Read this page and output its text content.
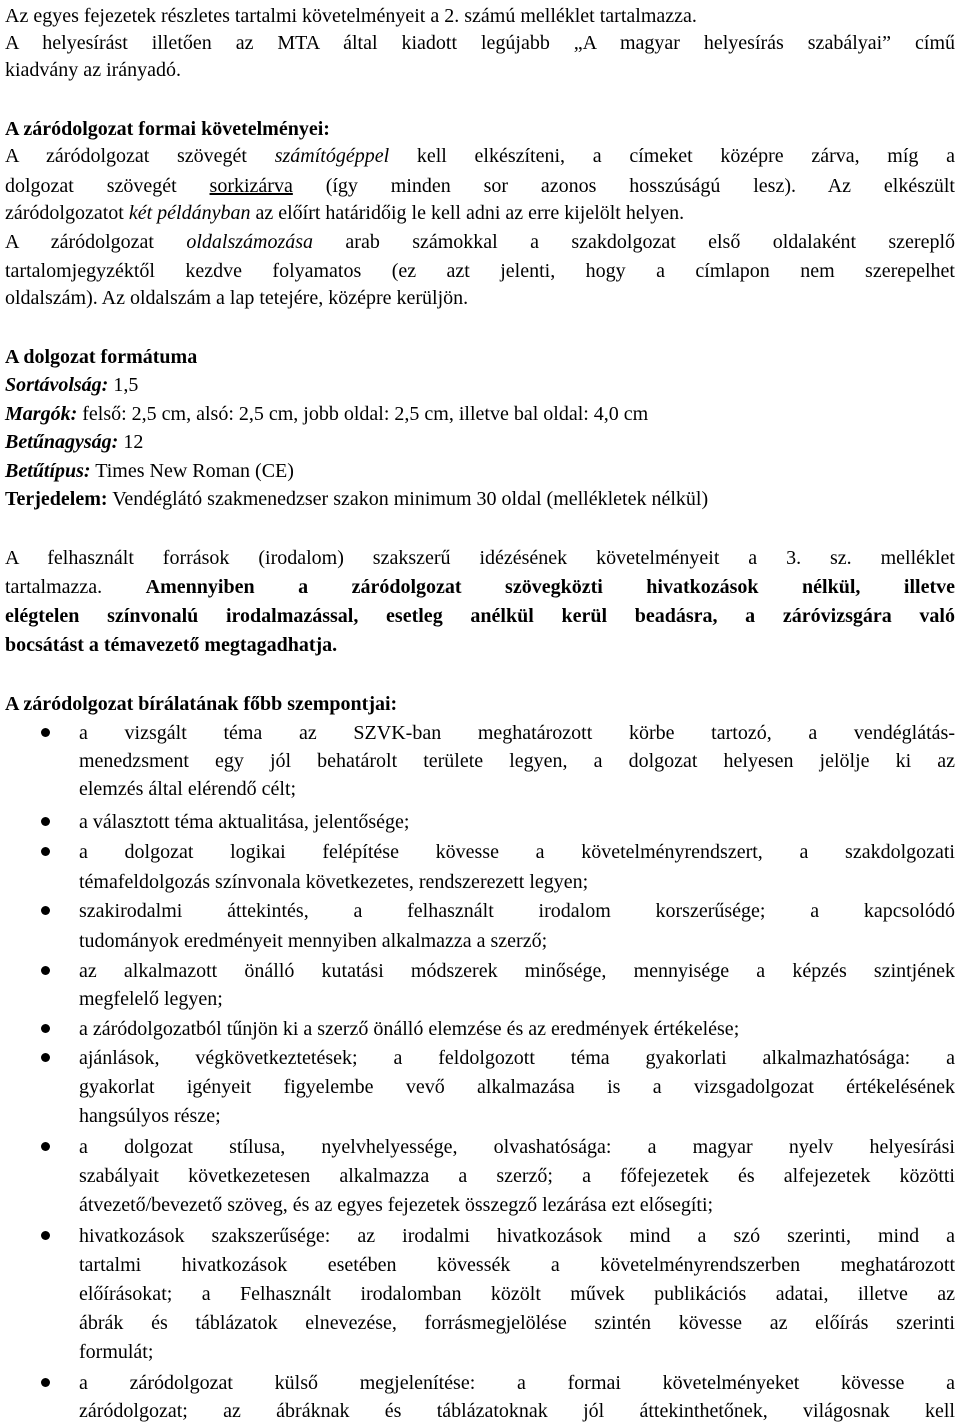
Az egyes fejezetek részletes tartalmi követelményeit a 2. számú melléklet tartalmazza.
A helyesírást illetően az MTA által kiadott legújabb „A magyar helyesírás szabályai” című
kiadvány az irányadó.
A záródolgozat formai követelményei:
A záródolgozat szövegét számítógéppel kell elkészíteni, a címeket középre zárva, míg a
dolgozat szövegét sorkizárva (így minden sor azonos hosszúságú lesz). Az elkészült
záródolgozatot két példányban az előírt határidőig le kell adni az erre kijelölt helyen.
A záródolgozat oldalszámozása arab számokkal a szakdolgozat első oldalaként szereplő
tartalomjegyzéktől kezdve folyamatos (ez azt jelenti, hogy a címlapon nem szerepelhet
oldalszám). Az oldalszám a lap tetejére, középre kerüljön.
A dolgozat formátuma
Sortávolság: 1,5
Margók: felső: 2,5 cm, alsó: 2,5 cm, jobb oldal: 2,5 cm, illetve bal oldal: 4,0 cm
Betűnagyság: 12
Betűtípus: Times New Roman (CE)
Terjedelem: Vendéglátó szakmenedzser szakon minimum 30 oldal (mellékletek nélkül)
A felhasznált források (irodalom) szakszerű idézésének követelményeit a 3. sz. melléklet
tartalmazza. Amennyiben a záródolgozat szövegközti hivatkozások nélkül, illetve
elégtelen színvonalú irodalmazással, esetleg anélkül kerül beadásra, a záróvizsgára való
bocsátást a témavezető megtagadhatja.
A záródolgozat bírálatának főbb szempontjai:
a vizsgált téma az SZVK-ban meghatározott körbe tartozó, a vendéglátás-
menedzsment egy jól behatárolt területe legyen, a dolgozat helyesen jelölje ki az
elemzés által elérendő célt;
a választott téma aktualitása, jelentősége;
a dolgozat logikai felépítése kövesse a követelményrendszert, a szakdolgozati
témafeldolgozás színvonala következetes, rendszerezett legyen;
szakirodalmi áttekintés, a felhasznált irodalom korszerűsége; a kapcsolódó
tudományok eredményeit mennyiben alkalmazza a szerző;
az alkalmazott önálló kutatási módszerek minősége, mennyisége a képzés szintjének
megfelelő legyen;
a záródolgozatból tűnjön ki a szerző önálló elemzése és az eredmények értékelése;
ajánlások, végkövetkeztetések; a feldolgozott téma gyakorlati alkalmazhatósága: a
gyakorlat igényeit figyelembe vevő alkalmazása is a vizsgadolgozat értékelésének
hangsúlyos része;
a dolgozat stílusa, nyelvhelyessége, olvashatósága: a magyar nyelv helyesírási
szabályait következetesen alkalmazza a szerző; a főfejezetek és alfejezetek közötti
átvezető/bevezető szöveg, és az egyes fejezetek összegző lezárása ezt elősegíti;
hivatkozások szakszerűsége: az irodalmi hivatkozások mind a szó szerinti, mind a
tartalmi hivatkozások esetében kövessék a követelményrendszerben meghatározott
előírásokat; a Felhasznált irodalomban közölt művek publikációs adatai, illetve az
ábrák és táblázatok elnevezése, forrásmegjelölése szintén kövesse az előírás szerinti
formulát;
a záródolgozat külső megjelenítése: a formai követelményeket kövesse a
záródolgozat; az ábráknak és táblázatoknak jól áttekinthetőnek, világosnak kell
